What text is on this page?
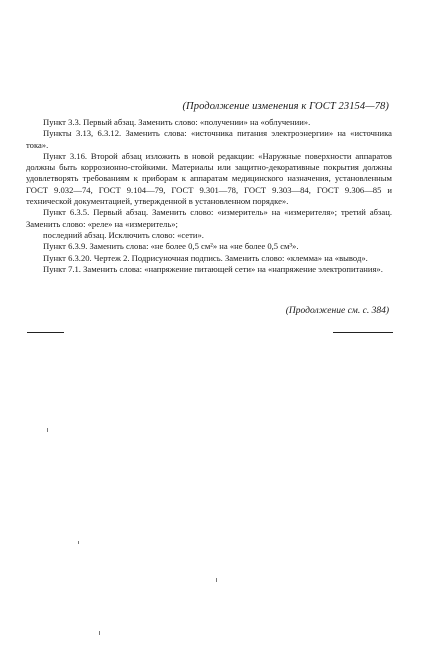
(Продолжение изменения к ГОСТ 23154—78)

Пункт 3.3. Первый абзац. Заменить слово: «получении» на «облучении».

Пункты 3.13, 6.3.12. Заменить слова: «источника питания электроэнергии» на «источника тока».

Пункт 3.16. Второй абзац изложить в новой редакции: «Наружные поверхности аппаратов должны быть коррозионно-стойкими. Материалы или защитно-декоративные покрытия должны удовлетворять требованиям к приборам к аппаратам медицинского назначения, установленным ГОСТ 9.032—74, ГОСТ 9.104—79, ГОСТ 9.301—78, ГОСТ 9.303—84, ГОСТ 9.306—85 и технической документацией, утвержденной в установленном порядке».

Пункт 6.3.5. Первый абзац. Заменить слово: «измеритель» на «измерителя»; третий абзац. Заменить слово: «реле» на «измеритель»;

последний абзац. Исключить слово: «сети».

Пункт 6.3.9. Заменить слова: «не более 0,5 см²» на «не более 0,5 см³».

Пункт 6.3.20. Чертеж 2. Подрисуночная подпись. Заменить слово: «клемма» на «вывод».

Пункт 7.1. Заменить слова: «напряжение питающей сети» на «напряжение электропитания».

(Продолжение см. с. 384)
